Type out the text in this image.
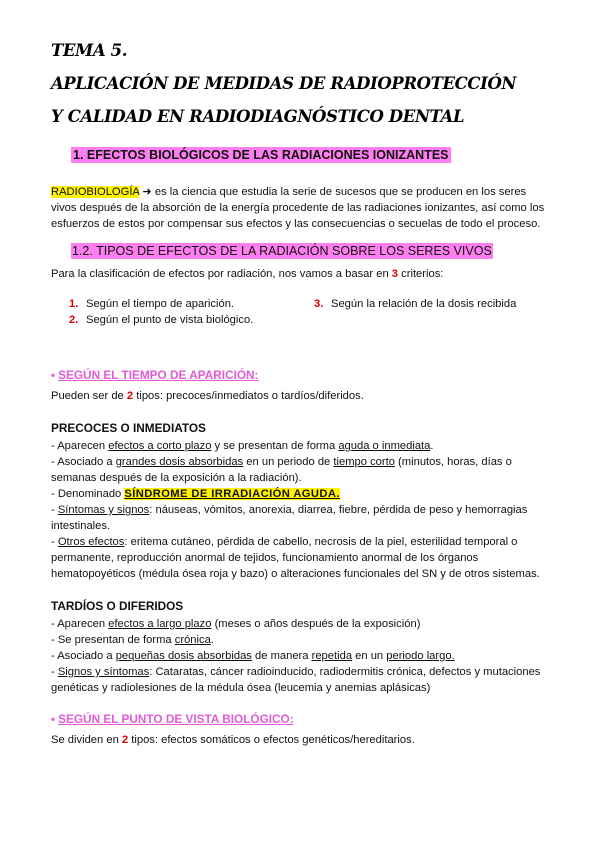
TEMA 5.
APLICACIÓN DE MEDIDAS DE RADIOPROTECCIÓN
Y CALIDAD EN RADIODIAGNÓSTICO DENTAL
1. EFECTOS BIOLÓGICOS DE LAS RADIACIONES IONIZANTES

RADIOBIOLOGÍA ➜ es la ciencia que estudia la serie de sucesos que se producen en los seres vivos después de la absorción de la energía procedente de las radiaciones ionizantes, así como los esfuerzos de estos por compensar sus efectos y las consecuencias o secuelas de todo el proceso.

1.2. TIPOS DE EFECTOS DE LA RADIACIÓN SOBRE LOS SERES VIVOS

Para la clasificación de efectos por radiación, nos vamos a basar en 3 criterios:

1. Según el tiempo de aparición.
2. Según el punto de vista biológico.
3. Según la relación de la dosis recibida
• SEGÚN EL TIEMPO DE APARICIÓN:

Pueden ser de 2 tipos: precoces/inmediatos o tardíos/diferidos.

PRECOCES O INMEDIATOS

- Aparecen efectos a corto plazo y se presentan de forma aguda o inmediata.

- Asociado a grandes dosis absorbidas en un periodo de tiempo corto (minutos, horas, días o semanas después de la exposición a la radiación).

- Denominado SÍNDROME DE IRRADIACIÓN AGUDA.

- Síntomas y signos: náuseas, vómitos, anorexia, diarrea, fiebre, pérdida de peso y hemorragias intestinales.

- Otros efectos: eritema cutáneo, pérdida de cabello, necrosis de la piel, esterilidad temporal o permanente, reproducción anormal de tejidos, funcionamiento anormal de los órganos hematopoyéticos (médula ósea roja y bazo) o alteraciones funcionales del SN y de otros sistemas.

TARDÍOS O DIFERIDOS

- Aparecen efectos a largo plazo (meses o años después de la exposición)

- Se presentan de forma crónica.

- Asociado a pequeñas dosis absorbidas de manera repetida en un periodo largo.

- Signos y síntomas: Cataratas, cáncer radioinducido, radiodermitis crónica, defectos y mutaciones genéticas y radiolesiones de la médula ósea (leucemia y anemias aplásicas)

• SEGÚN EL PUNTO DE VISTA BIOLÓGICO:

Se dividen en 2 tipos: efectos somáticos o efectos genéticos/hereditarios.
